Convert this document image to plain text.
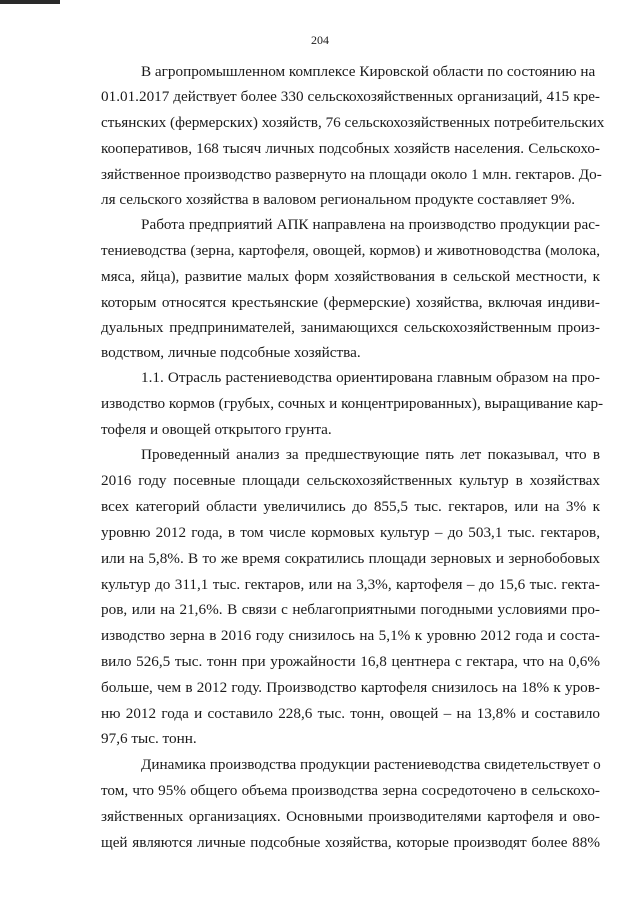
204
В агропромышленном комплексе Кировской области по состоянию на
01.01.2017 действует более 330 сельскохозяйственных организаций, 415 кре-
стьянских (фермерских) хозяйств, 76 сельскохозяйственных потребительских
кооперативов, 168 тысяч личных подсобных хозяйств населения. Сельскохо-
зяйственное производство развернуто на площади около 1 млн. гектаров. До-
ля сельского хозяйства в валовом региональном продукте составляет 9%.
Работа предприятий АПК направлена на производство продукции рас-
тениеводства (зерна, картофеля, овощей, кормов) и животноводства (молока,
мяса, яйца), развитие малых форм хозяйствования в сельской местности, к
которым относятся крестьянские (фермерские) хозяйства, включая индиви-
дуальных предпринимателей, занимающихся сельскохозяйственным произ-
водством, личные подсобные хозяйства.
1.1. Отрасль растениеводства ориентирована главным образом на про-
изводство кормов (грубых, сочных и концентрированных), выращивание кар-
тофеля и овощей открытого грунта.
Проведенный анализ за предшествующие пять лет показывал, что в
2016 году посевные площади сельскохозяйственных культур в хозяйствах
всех категорий области увеличились до 855,5 тыс. гектаров, или на 3% к
уровню 2012 года, в том числе кормовых культур – до 503,1 тыс. гектаров,
или на 5,8%. В то же время сократились площади зерновых и зернобобовых
культур до 311,1 тыс. гектаров, или на 3,3%, картофеля – до 15,6 тыс. гекта-
ров, или на 21,6%. В связи с неблагоприятными погодными условиями про-
изводство зерна в 2016 году снизилось на 5,1% к уровню 2012 года и соста-
вило 526,5 тыс. тонн при урожайности 16,8 центнера с гектара, что на 0,6%
больше, чем в 2012 году. Производство картофеля снизилось на 18% к уров-
ню 2012 года и составило 228,6 тыс. тонн, овощей – на 13,8% и составило
97,6 тыс. тонн.
Динамика производства продукции растениеводства свидетельствует о
том, что 95% общего объема производства зерна сосредоточено в сельскохо-
зяйственных организациях. Основными производителями картофеля и ово-
щей являются личные подсобные хозяйства, которые производят более 88%
